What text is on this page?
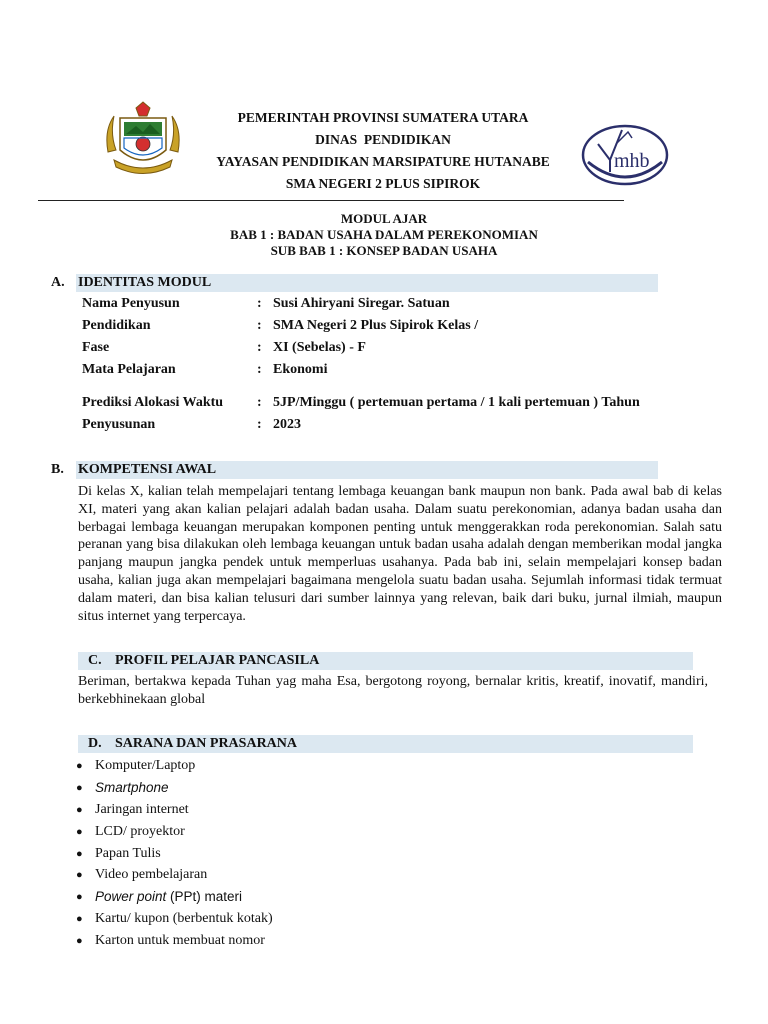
PEMERINTAH PROVINSI SUMATERA UTARA
DINAS  PENDIDIKAN
YAYASAN PENDIDIKAN MARSIPATURE HUTANABE
SMA NEGERI 2 PLUS SIPIROK
mhb
MODUL AJAR
BAB 1 : BADAN USAHA DALAM PEREKONOMIAN
SUB BAB 1 : KONSEP BADAN USAHA
A. IDENTITAS MODUL
Nama Penyusun	: Susi Ahiryani Siregar. Satuan
Pendidikan	: SMA Negeri 2 Plus Sipirok Kelas /
Fase	: XI (Sebelas) - F
Mata Pelajaran	: Ekonomi
Prediksi Alokasi Waktu : 5JP/Minggu ( pertemuan pertama / 1 kali pertemuan ) Tahun
Penyusunan	: 2023
B. KOMPETENSI AWAL
Di kelas X, kalian telah mempelajari tentang lembaga keuangan bank maupun non bank. Pada awal bab di kelas XI, materi yang akan kalian pelajari adalah badan usaha. Dalam suatu perekonomian, adanya badan usaha dan berbagai lembaga keuangan merupakan komponen penting untuk menggerakkan roda perekonomian. Salah satu peranan yang bisa dilakukan oleh lembaga keuangan untuk badan usaha adalah dengan memberikan modal jangka panjang maupun jangka pendek untuk memperluas usahanya. Pada bab ini, selain mempelajari konsep badan usaha, kalian juga akan mempelajari bagaimana mengelola suatu badan usaha. Sejumlah informasi tidak termuat dalam materi, dan bisa kalian telusuri dari sumber lainnya yang relevan, baik dari buku, jurnal ilmiah, maupun situs internet yang terpercaya.
C. PROFIL PELAJAR PANCASILA
Beriman, bertakwa kepada Tuhan yag maha Esa, bergotong royong, bernalar kritis, kreatif, inovatif, mandiri, berkebhinekaan global
D. SARANA DAN PRASARANA
● Komputer/Laptop
● Smartphone
● Jaringan internet
● LCD/ proyektor
● Papan Tulis
● Video pembelajaran
● Power point (PPt) materi
● Kartu/ kupon (berbentuk kotak)
● Karton untuk membuat nomor
